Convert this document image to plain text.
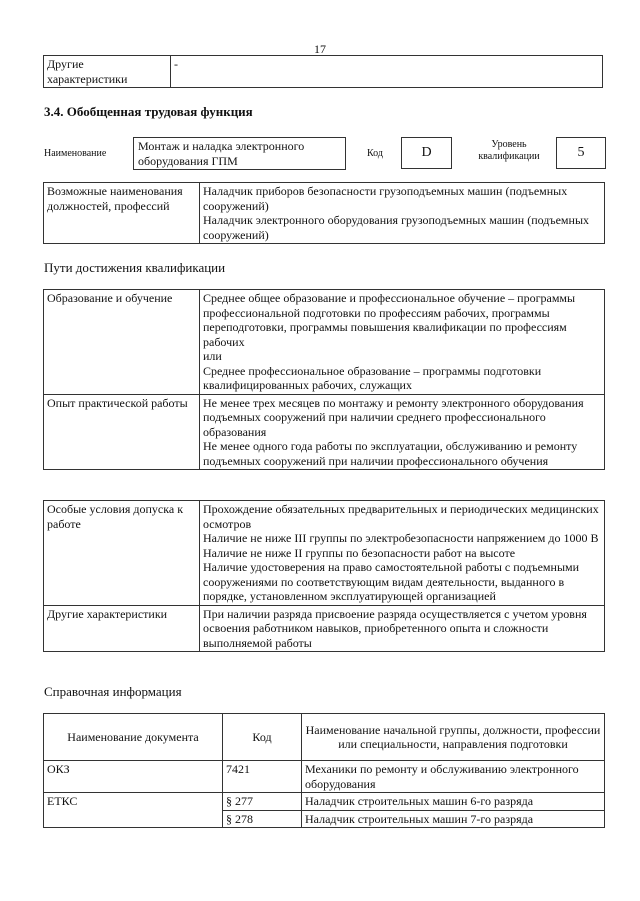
17
Другие характеристики	-
3.4. Обобщенная трудовая функция
Наименование
Монтаж и наладка электронного оборудования ГПМ
Код	D
Уровень
квалификации	5
Возможные наименования должностей, профессий	
Наладчик приборов безопасности грузоподъемных машин (подъемных сооружений)
Наладчик электронного оборудования грузоподъемных машин (подъемных сооружений)
Пути достижения квалификации
Образование и обучение	Среднее общее образование и профессиональное обучение – программы профессиональной подготовки по профессиям рабочих, программы переподготовки, программы повышения квалификации по профессиям рабочих
или
Среднее профессиональное образование – программы подготовки квалифицированных рабочих, служащих

Опыт практической работы	Не менее трех месяцев по монтажу и ремонту электронного оборудования подъемных сооружений при наличии среднего профессионального образования
Не менее одного года работы по эксплуатации, обслуживанию и ремонту подъемных сооружений при наличии профессионального обучения
Особые условия допуска к работе	Прохождение обязательных предварительных и периодических медицинских осмотров
Наличие не ниже III группы по электробезопасности напряжением до 1000 В
Наличие не ниже II группы по безопасности работ на высоте
Наличие удостоверения на право самостоятельной работы с подъемными сооружениями по соответствующим видам деятельности, выданного в порядке, установленном эксплуатирующей организацией

Другие характеристики	При наличии разряда присвоение разряда осуществляется с учетом уровня освоения работником навыков, приобретенного опыта и сложности выполняемой работы
Справочная информация
Наименование документа	Код	Наименование начальной группы, должности, профессии или специальности, направления подготовки
ОКЗ	7421	Механики по ремонту и обслуживанию электронного оборудования
ЕТКС	§ 277	Наладчик строительных машин 6-го разряда
	§ 278	Наладчик строительных машин 7-го разряда
